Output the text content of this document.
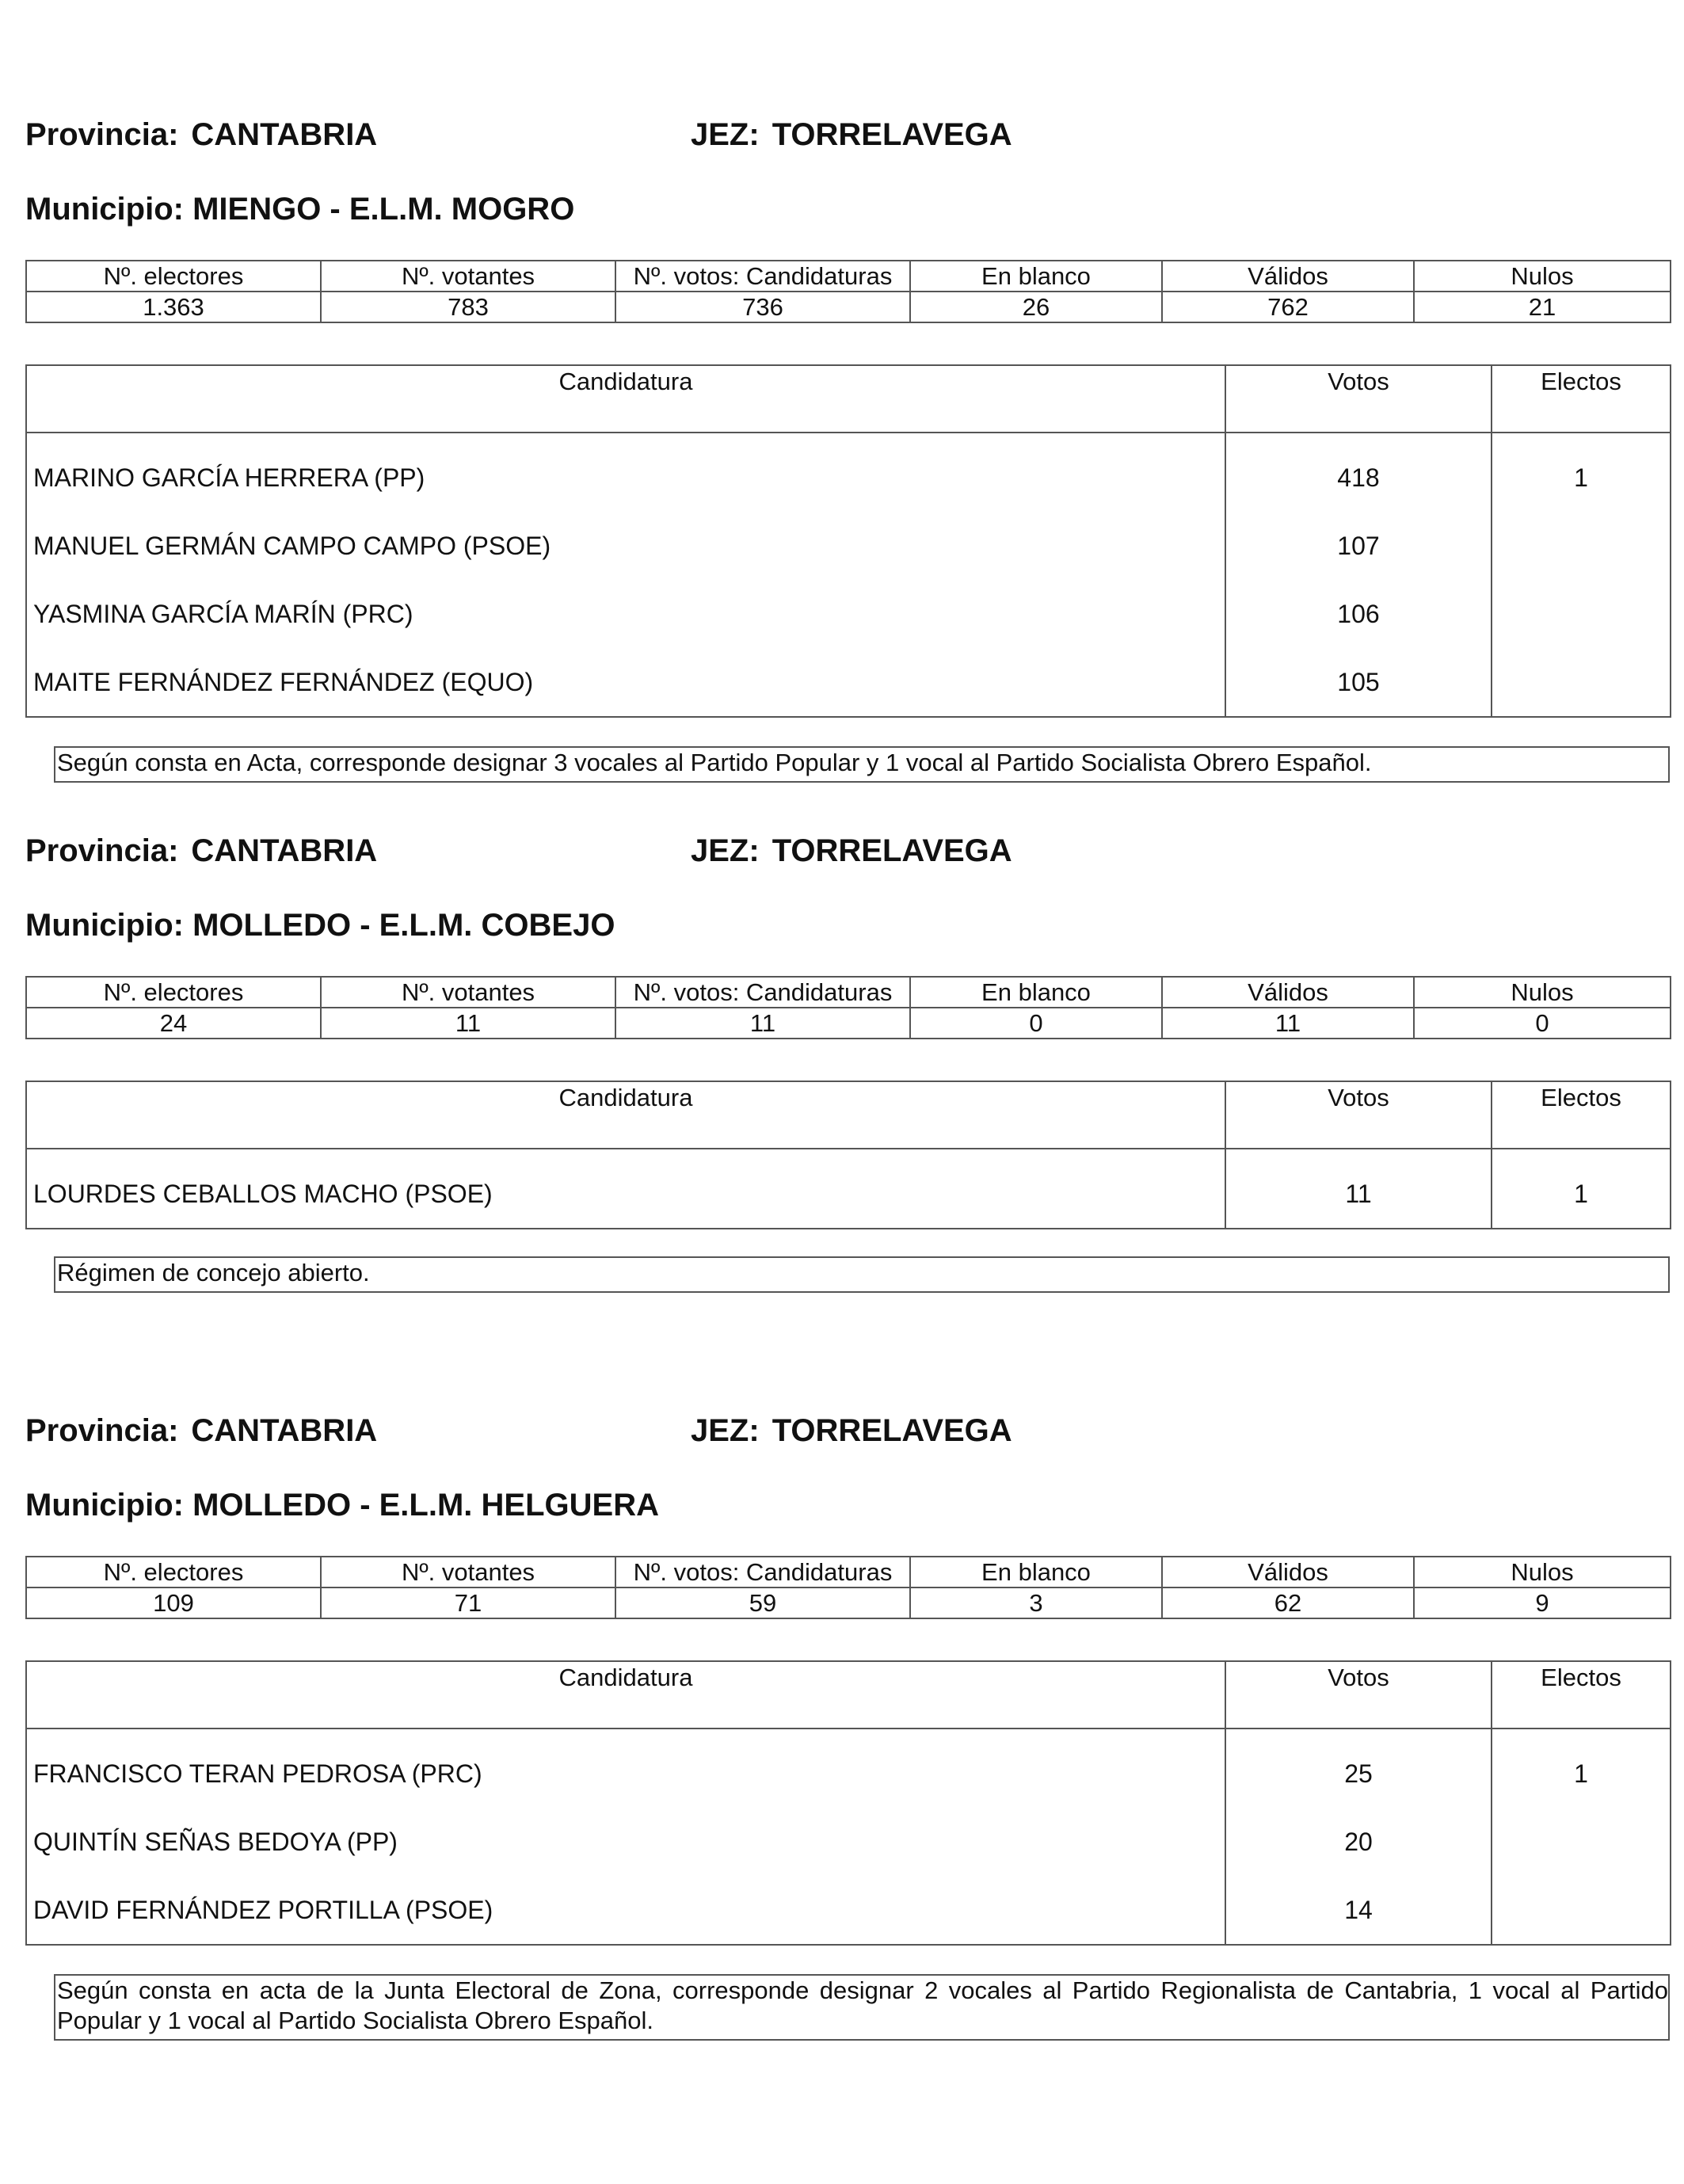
Provincia: CANTABRIA	JEZ: TORRELAVEGA
Municipio: MIENGO - E.L.M. MOGRO
Nº. electores	Nº. votantes	Nº. votos: Candidaturas	En blanco	Válidos	Nulos
1.363	783	736	26	762	21
Candidatura	Votos	Electos
MARINO GARCÍA HERRERA (PP)	418	1
MANUEL GERMÁN CAMPO CAMPO (PSOE)	107	
YASMINA GARCÍA MARÍN (PRC)	106	
MAITE FERNÁNDEZ FERNÁNDEZ (EQUO)	105	
Según consta en Acta, corresponde designar 3 vocales al Partido Popular y 1 vocal al Partido Socialista Obrero Español.
Provincia: CANTABRIA	JEZ: TORRELAVEGA
Municipio: MOLLEDO - E.L.M. COBEJO
Nº. electores	Nº. votantes	Nº. votos: Candidaturas	En blanco	Válidos	Nulos
24	11	11	0	11	0
Candidatura	Votos	Electos
LOURDES CEBALLOS MACHO (PSOE)	11	1
Régimen de concejo abierto.
Provincia: CANTABRIA	JEZ: TORRELAVEGA
Municipio: MOLLEDO - E.L.M. HELGUERA
Nº. electores	Nº. votantes	Nº. votos: Candidaturas	En blanco	Válidos	Nulos
109	71	59	3	62	9
Candidatura	Votos	Electos
FRANCISCO TERAN PEDROSA (PRC)	25	1
QUINTÍN SEÑAS BEDOYA (PP)	20	
DAVID FERNÁNDEZ PORTILLA (PSOE)	14	
Según consta en acta de la Junta Electoral de Zona, corresponde designar 2 vocales al Partido Regionalista de Cantabria, 1 vocal al Partido Popular y 1 vocal al Partido Socialista Obrero Español.
